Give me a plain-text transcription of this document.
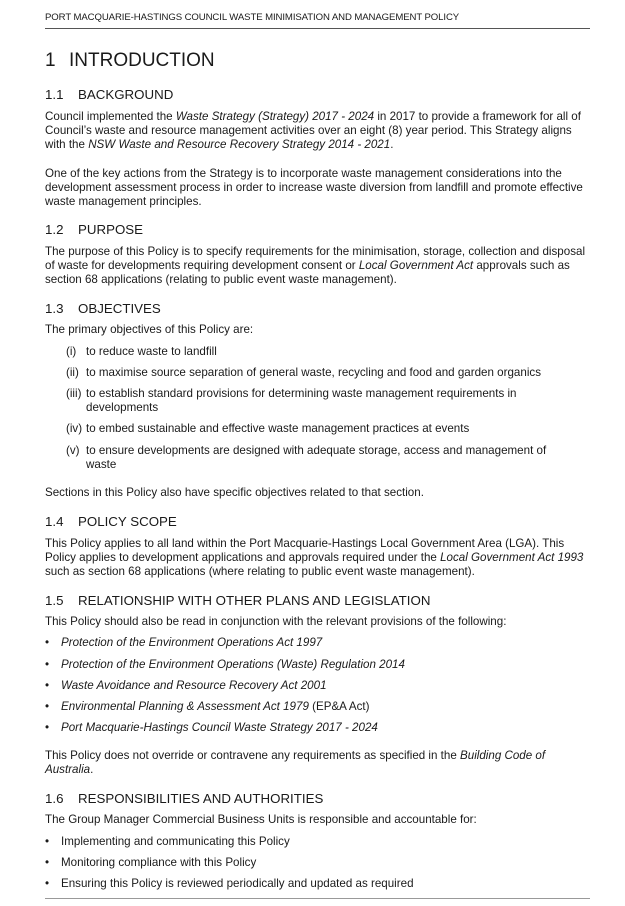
PORT MACQUARIE-HASTINGS COUNCIL WASTE MINIMISATION AND MANAGEMENT POLICY
1 INTRODUCTION
1.1 BACKGROUND
Council implemented the Waste Strategy (Strategy) 2017 - 2024 in 2017 to provide a framework for all of Council’s waste and resource management activities over an eight (8) year period. This Strategy aligns with the NSW Waste and Resource Recovery Strategy 2014 - 2021.
One of the key actions from the Strategy is to incorporate waste management considerations into the development assessment process in order to increase waste diversion from landfill and promote effective waste management principles.
1.2 PURPOSE
The purpose of this Policy is to specify requirements for the minimisation, storage, collection and disposal of waste for developments requiring development consent or Local Government Act approvals such as section 68 applications (relating to public event waste management).
1.3 OBJECTIVES
The primary objectives of this Policy are:
(i) to reduce waste to landfill
(ii) to maximise source separation of general waste, recycling and food and garden organics
(iii) to establish standard provisions for determining waste management requirements in developments
(iv) to embed sustainable and effective waste management practices at events
(v) to ensure developments are designed with adequate storage, access and management of waste
Sections in this Policy also have specific objectives related to that section.
1.4 POLICY SCOPE
This Policy applies to all land within the Port Macquarie-Hastings Local Government Area (LGA). This Policy applies to development applications and approvals required under the Local Government Act 1993 such as section 68 applications (where relating to public event waste management).
1.5 RELATIONSHIP WITH OTHER PLANS AND LEGISLATION
This Policy should also be read in conjunction with the relevant provisions of the following:
• Protection of the Environment Operations Act 1997
• Protection of the Environment Operations (Waste) Regulation 2014
• Waste Avoidance and Resource Recovery Act 2001
• Environmental Planning & Assessment Act 1979 (EP&A Act)
• Port Macquarie-Hastings Council Waste Strategy 2017 - 2024
This Policy does not override or contravene any requirements as specified in the Building Code of Australia.
1.6 RESPONSIBILITIES AND AUTHORITIES
The Group Manager Commercial Business Units is responsible and accountable for:
• Implementing and communicating this Policy
• Monitoring compliance with this Policy
• Ensuring this Policy is reviewed periodically and updated as required
